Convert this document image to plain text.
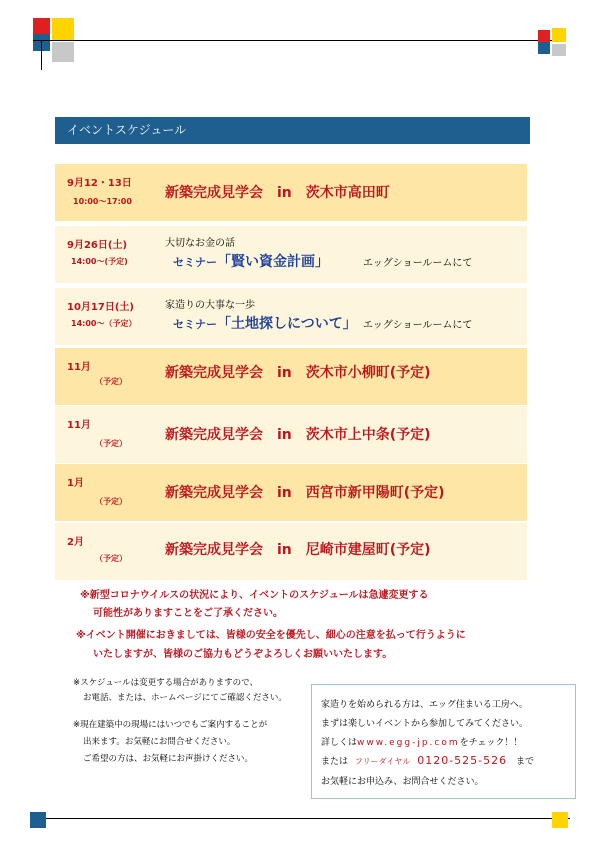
イベントスケジュール
9月12・13日
10:00〜17:00
新築完成見学会　in　茨木市高田町
9月26日(土)
14:00〜(予定)
大切なお金の話
セミナー「賢い資金計画」	エッグショールームにて
10月17日(土)
14:00〜（予定）
家造りの大事な一歩
セミナー「土地探しについて」 エッグショールームにて
11月
（予定）
新築完成見学会　in　茨木市小柳町(予定)
11月
（予定）
新築完成見学会　in　茨木市上中条(予定)
1月
（予定）
新築完成見学会　in　西宮市新甲陽町(予定)
2月
（予定）
新築完成見学会　in　尼崎市建屋町(予定)
※新型コロナウイルスの状況により、イベントのスケジュールは急遽変更する
可能性がありますことをご了承ください。
※イベント開催におきましては、皆様の安全を優先し、細心の注意を払って行うように
いたしますが、皆様のご協力もどうぞよろしくお願いいたします。
※スケジュールは変更する場合がありますので、
お電話、または、ホームページにてご確認ください。
※現在建築中の現場にはいつでもご案内することが
出来ます。お気軽にお問合せください。
ご希望の方は、お気軽にお声掛けください。
家造りを始められる方は、エッグ住まいる工房へ。
まずは楽しいイベントから参加してみてください。
詳しくはwww.egg-jp.comをチェック！！
または フリーダイヤル 0120-525-526 まで
お気軽にお申込み、お問合せください。
